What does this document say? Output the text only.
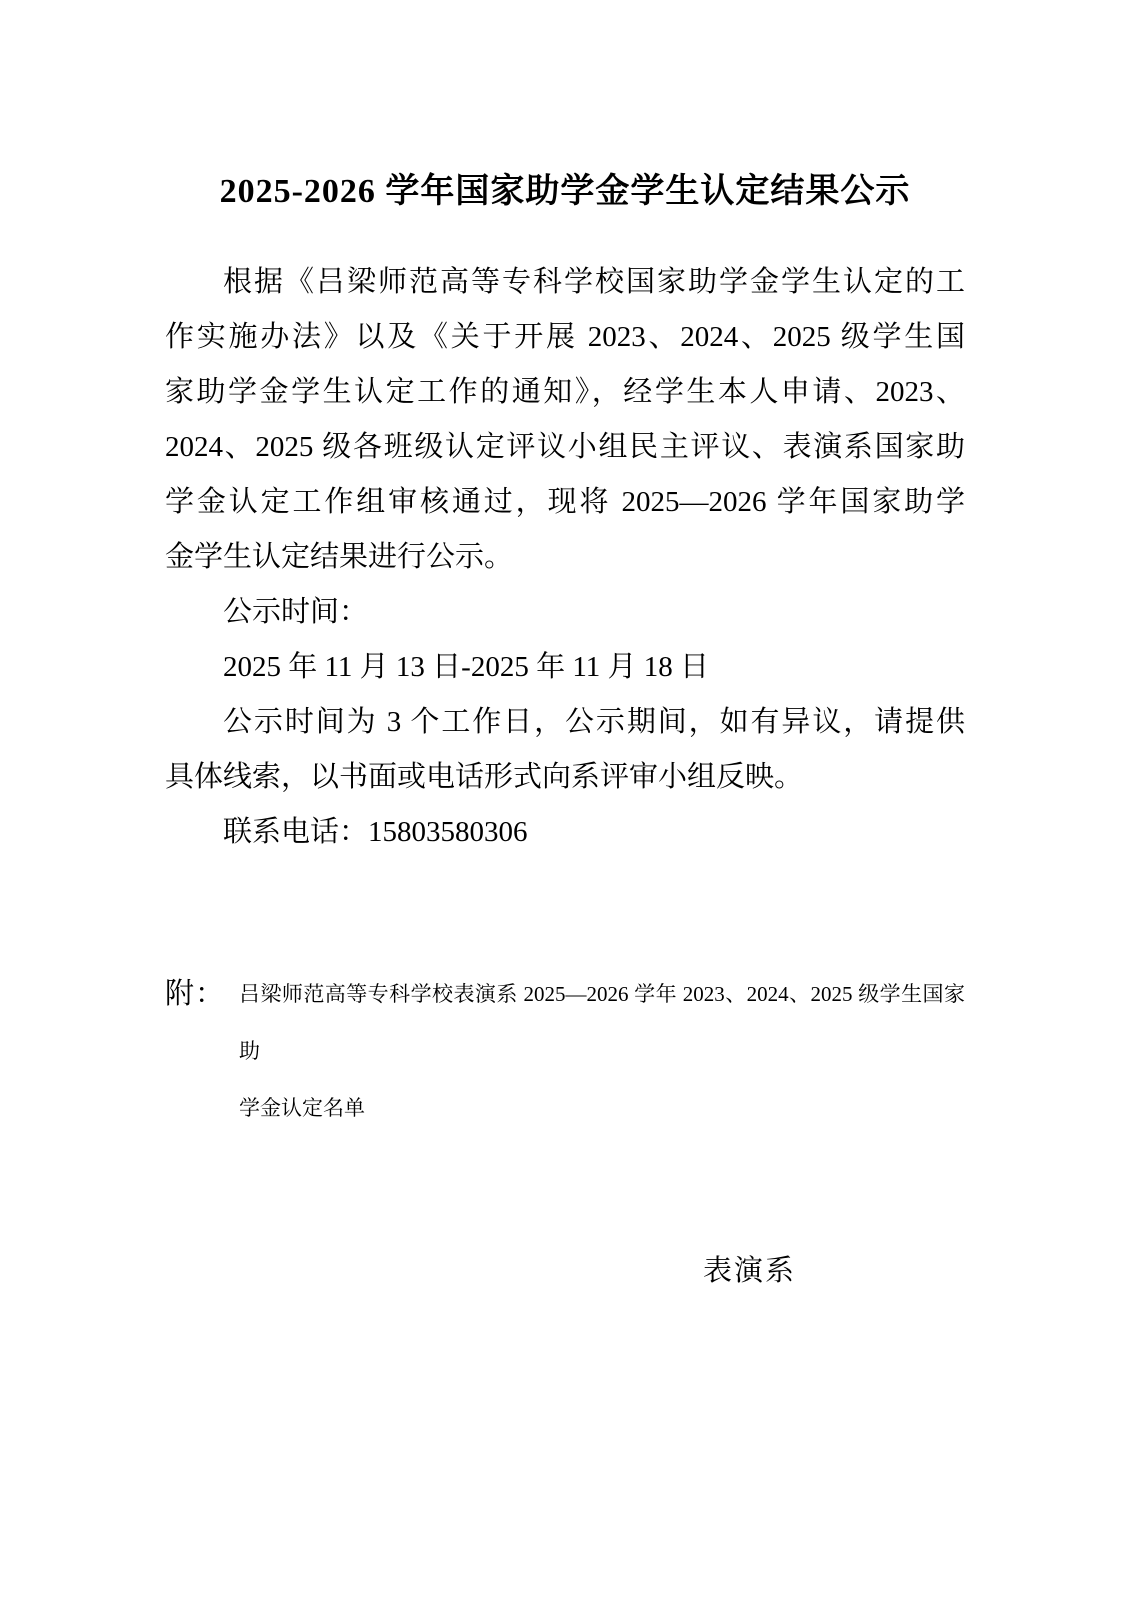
2025-2026 学年国家助学金学生认定结果公示
根据《吕梁师范高等专科学校国家助学金学生认定的工
作实施办法》以及《关于开展 2023、2024、2025 级学生国
家助学金学生认定工作的通知》，经学生本人申请、2023、
2024、2025 级各班级认定评议小组民主评议、表演系国家助
学金认定工作组审核通过，现将 2025—2026 学年国家助学
金学生认定结果进行公示。
公示时间：
2025 年 11 月 13 日-2025 年 11 月 18 日
公示时间为 3 个工作日，公示期间，如有异议，请提供
具体线索，以书面或电话形式向系评审小组反映。
联系电话：15803580306
附： 吕梁师范高等专科学校表演系 2025—2026 学年 2023、2024、2025 级学生国家助
学金认定名单
表演系
